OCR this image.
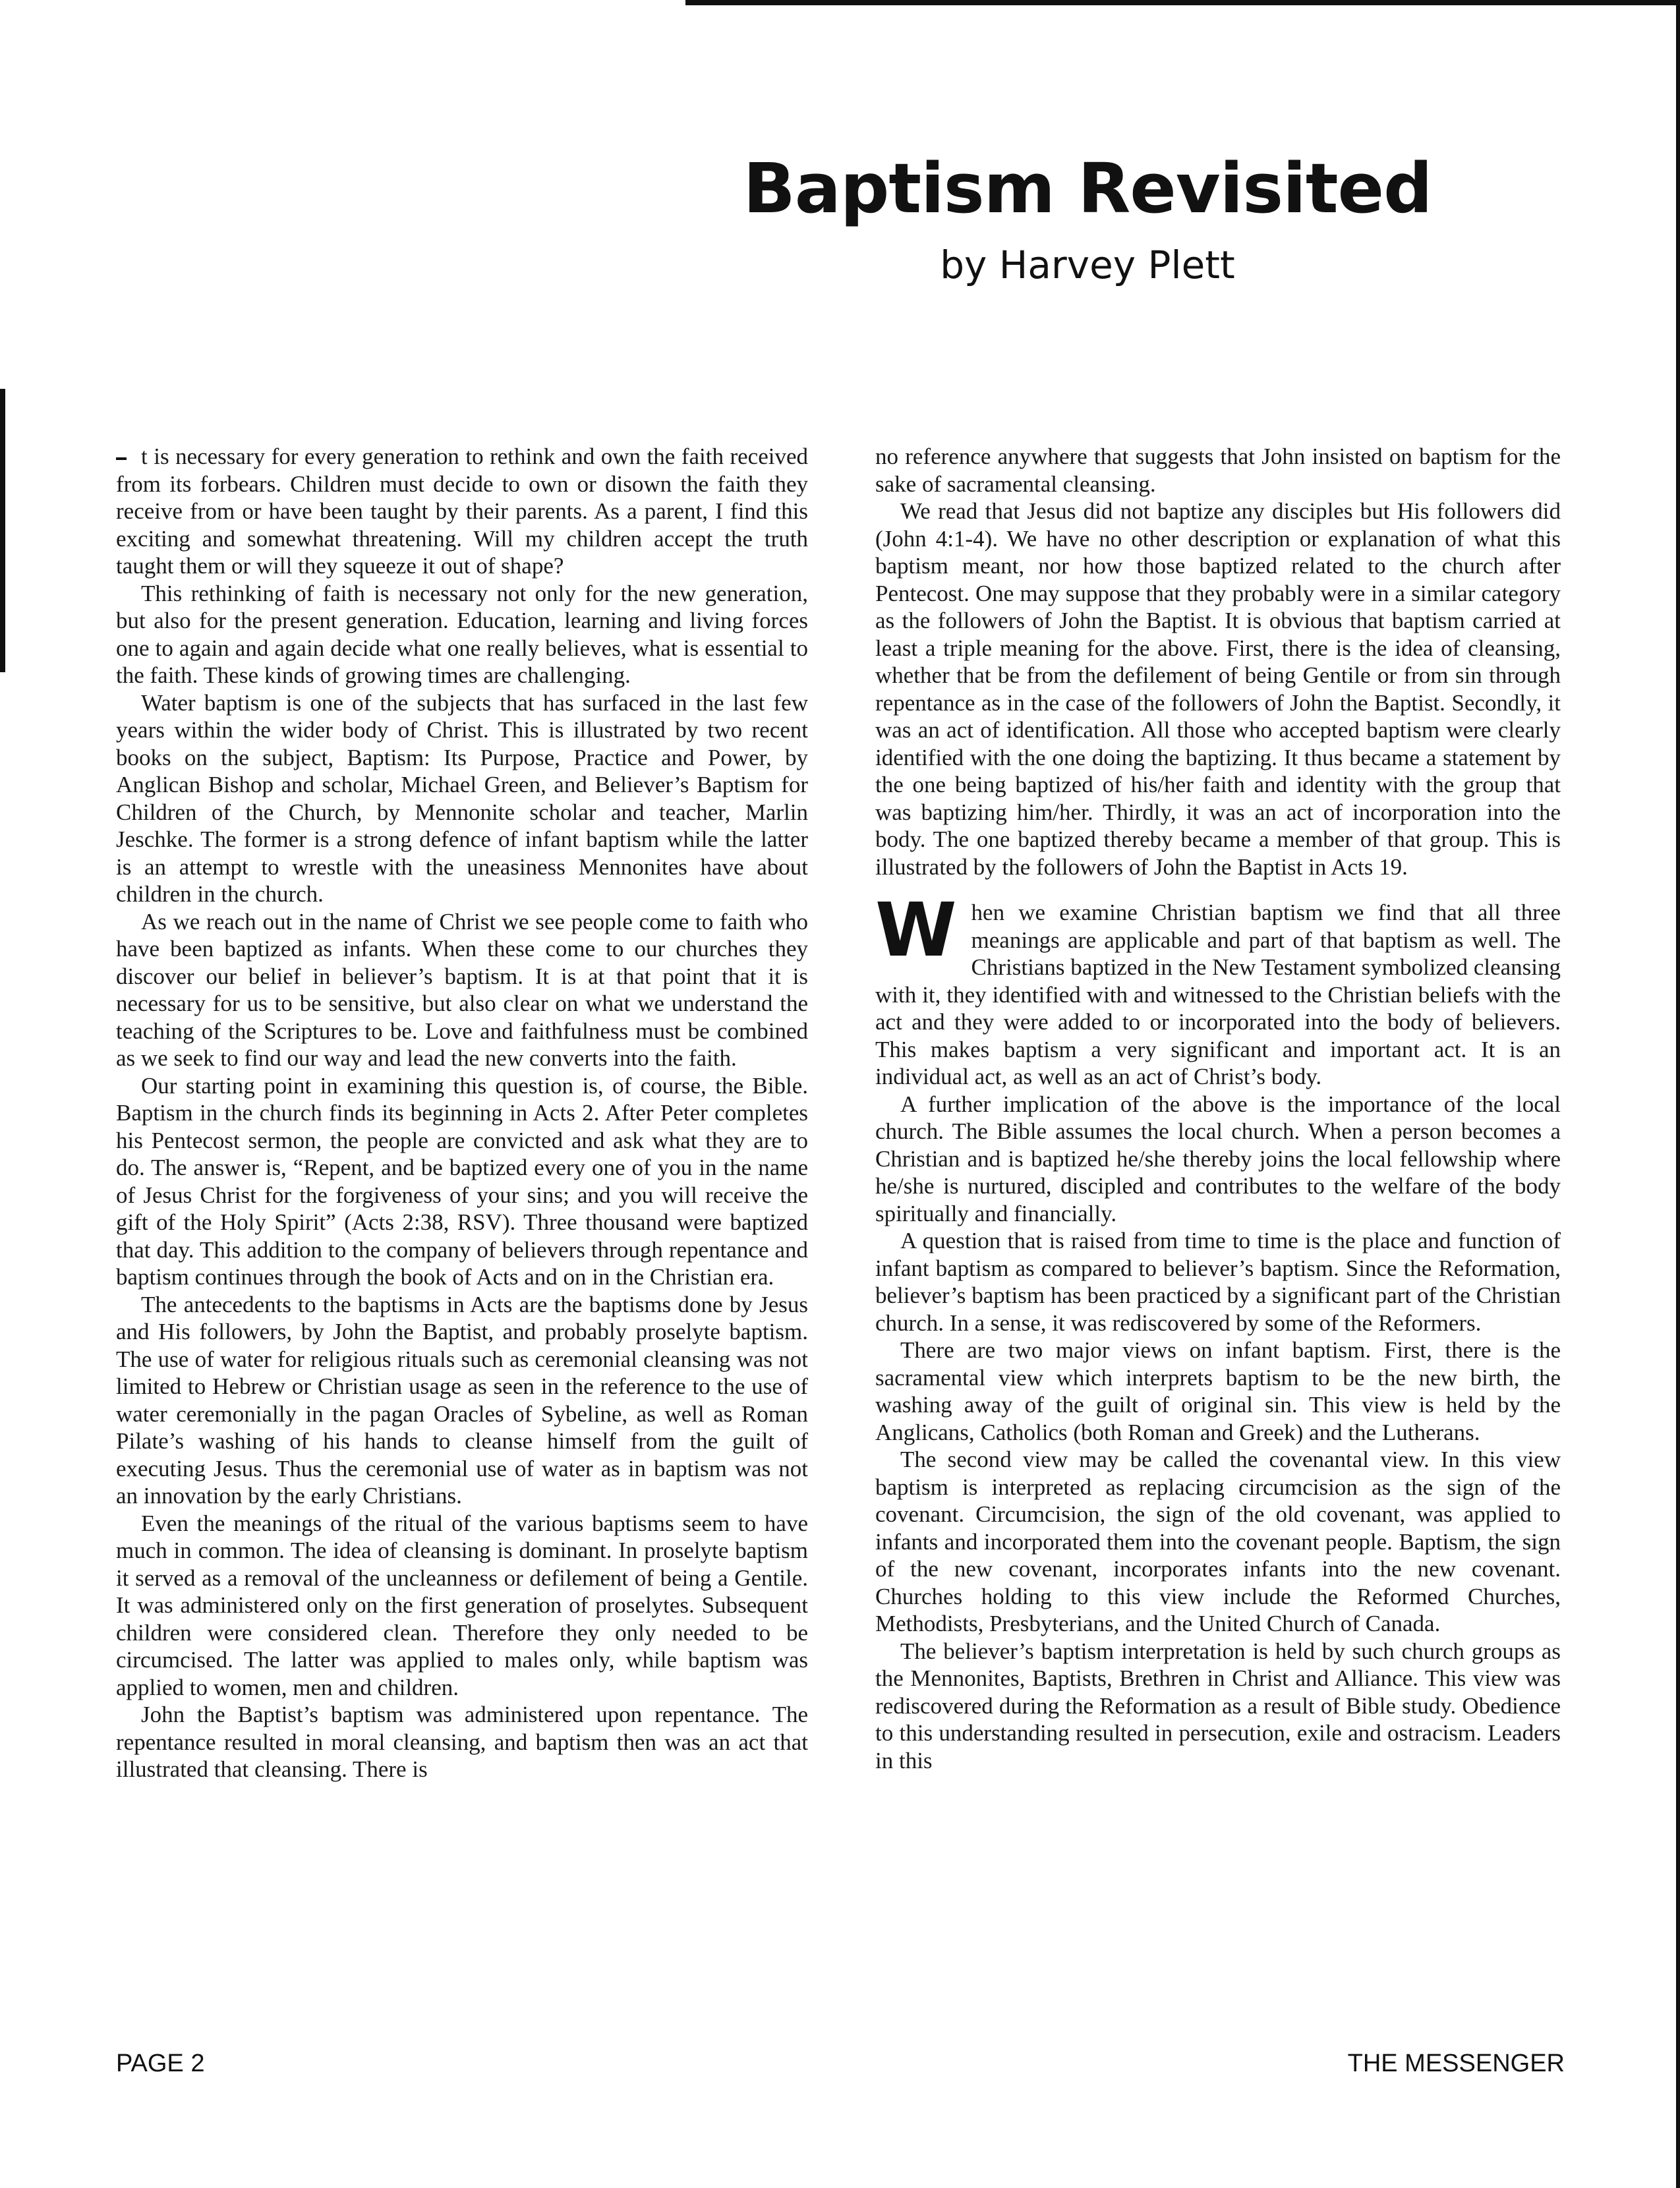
Baptism Revisited

by Harvey Plett

t is necessary for every generation to rethink and own the faith received from its forbears. Children must decide to own or disown the faith they receive from or have been taught by their parents. As a parent, I find this exciting and somewhat threatening. Will my children accept the truth taught them or will they squeeze it out of shape?

This rethinking of faith is necessary not only for the new generation, but also for the present generation. Education, learning and living forces one to again and again decide what one really believes, what is essential to the faith. These kinds of growing times are challenging.

Water baptism is one of the subjects that has surfaced in the last few years within the wider body of Christ. This is illustrated by two recent books on the subject, Baptism: Its Purpose, Practice and Power, by Anglican Bishop and scholar, Michael Green, and Believer’s Baptism for Children of the Church, by Mennonite scholar and teacher, Marlin Jeschke. The former is a strong defence of infant baptism while the latter is an attempt to wrestle with the uneasiness Mennonites have about children in the church.

As we reach out in the name of Christ we see people come to faith who have been baptized as infants. When these come to our churches they discover our belief in believer’s baptism. It is at that point that it is necessary for us to be sensitive, but also clear on what we understand the teaching of the Scriptures to be. Love and faithfulness must be combined as we seek to find our way and lead the new converts into the faith.

Our starting point in examining this question is, of course, the Bible. Baptism in the church finds its beginning in Acts 2. After Peter completes his Pentecost sermon, the people are convicted and ask what they are to do. The answer is, “Repent, and be baptized every one of you in the name of Jesus Christ for the forgiveness of your sins; and you will receive the gift of the Holy Spirit” (Acts 2:38, RSV). Three thousand were baptized that day. This addition to the company of believers through repentance and baptism continues through the book of Acts and on in the Christian era.

The antecedents to the baptisms in Acts are the baptisms done by Jesus and His followers, by John the Baptist, and probably proselyte baptism. The use of water for religious rituals such as ceremonial cleansing was not limited to Hebrew or Christian usage as seen in the reference to the use of water ceremonially in the pagan Oracles of Sybeline, as well as Roman Pilate’s washing of his hands to cleanse himself from the guilt of executing Jesus. Thus the ceremonial use of water as in baptism was not an innovation by the early Christians.

Even the meanings of the ritual of the various baptisms seem to have much in common. The idea of cleansing is dominant. In proselyte baptism it served as a removal of the uncleanness or defilement of being a Gentile. It was administered only on the first generation of proselytes. Subsequent children were considered clean. Therefore they only needed to be circumcised. The latter was applied to males only, while baptism was applied to women, men and children.

John the Baptist’s baptism was administered upon repentance. The repentance resulted in moral cleansing, and baptism then was an act that illustrated that cleansing. There is

no reference anywhere that suggests that John insisted on baptism for the sake of sacramental cleansing.

We read that Jesus did not baptize any disciples but His followers did (John 4:1-4). We have no other description or explanation of what this baptism meant, nor how those baptized related to the church after Pentecost. One may suppose that they probably were in a similar category as the followers of John the Baptist. It is obvious that baptism carried at least a triple meaning for the above. First, there is the idea of cleansing, whether that be from the defilement of being Gentile or from sin through repentance as in the case of the followers of John the Baptist. Secondly, it was an act of identification. All those who accepted baptism were clearly identified with the one doing the baptizing. It thus became a statement by the one being baptized of his/her faith and identity with the group that was baptizing him/her. Thirdly, it was an act of incorporation into the body. The one baptized thereby became a member of that group. This is illustrated by the followers of John the Baptist in Acts 19.

When we examine Christian baptism we find that all three meanings are applicable and part of that baptism as well. The Christians baptized in the New Testament symbolized cleansing with it, they identified with and witnessed to the Christian beliefs with the act and they were added to or incorporated into the body of believers. This makes baptism a very significant and important act. It is an individual act, as well as an act of Christ’s body.

A further implication of the above is the importance of the local church. The Bible assumes the local church. When a person becomes a Christian and is baptized he/she thereby joins the local fellowship where he/she is nurtured, discipled and contributes to the welfare of the body spiritually and financially.

A question that is raised from time to time is the place and function of infant baptism as compared to believer’s baptism. Since the Reformation, believer’s baptism has been practiced by a significant part of the Christian church. In a sense, it was rediscovered by some of the Reformers.

There are two major views on infant baptism. First, there is the sacramental view which interprets baptism to be the new birth, the washing away of the guilt of original sin. This view is held by the Anglicans, Catholics (both Roman and Greek) and the Lutherans.

The second view may be called the covenantal view. In this view baptism is interpreted as replacing circumcision as the sign of the covenant. Circumcision, the sign of the old covenant, was applied to infants and incorporated them into the covenant people. Baptism, the sign of the new covenant, incorporates infants into the new covenant. Churches holding to this view include the Reformed Churches, Methodists, Presbyterians, and the United Church of Canada.

The believer’s baptism interpretation is held by such church groups as the Mennonites, Baptists, Brethren in Christ and Alliance. This view was rediscovered during the Reformation as a result of Bible study. Obedience to this understanding resulted in persecution, exile and ostracism. Leaders in this

PAGE 2	THE MESSENGER
